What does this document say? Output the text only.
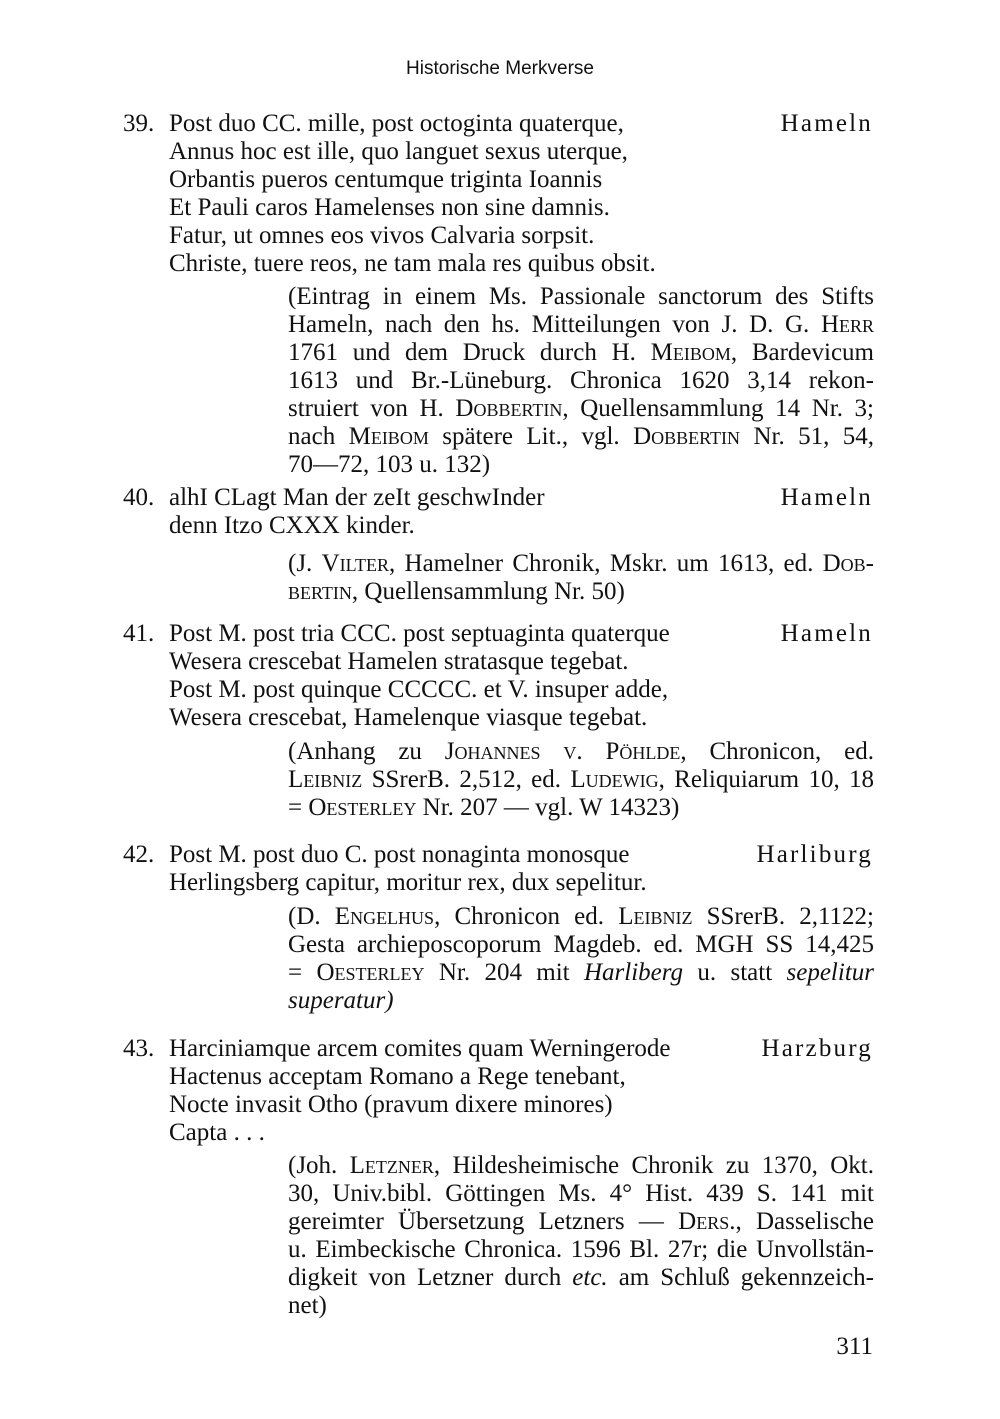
Historische Merkverse
39.	Hameln
Post duo CC. mille, post octoginta quaterque,
Annus hoc est ille, quo languet sexus uterque,
Orbantis pueros centumque triginta Ioannis
Et Pauli caros Hamelenses non sine damnis.
Fatur, ut omnes eos vivos Calvaria sorpsit.
Christe, tuere reos, ne tam mala res quibus obsit.
(Eintrag in einem Ms. Passionale sanctorum des Stifts
Hameln, nach den hs. Mitteilungen von J. D. G. Herr
1761 und dem Druck durch H. Meibom, Bardevicum
1613 und Br.-Lüneburg. Chronica 1620 3,14 rekon-
struiert von H. Dobbertin, Quellensammlung 14 Nr. 3;
nach Meibom spätere Lit., vgl. Dobbertin Nr. 51, 54,
70—72, 103 u. 132)
40.	Hameln
alhI CLagt Man der zeIt geschwInder
denn Itzo CXXX kinder.
(J. Vilter, Hamelner Chronik, Mskr. um 1613, ed. Dob-
bertin, Quellensammlung Nr. 50)
41.	Hameln
Post M. post tria CCC. post septuaginta quaterque
Wesera crescebat Hamelen stratasque tegebat.
Post M. post quinque CCCCC. et V. insuper adde,
Wesera crescebat, Hamelenque viasque tegebat.
(Anhang zu Johannes v. Pöhlde, Chronicon, ed.
Leibniz SSrerB. 2,512, ed. Ludewig, Reliquiarum 10, 18
= Oesterley Nr. 207 — vgl. W 14323)
42.	Harliburg
Post M. post duo C. post nonaginta monosque
Herlingsberg capitur, moritur rex, dux sepelitur.
(D. Engelhus, Chronicon ed. Leibniz SSrerB. 2,1122;
Gesta archieposcoporum Magdeb. ed. MGH SS 14,425
= Oesterley Nr. 204 mit Harliberg u. statt sepelitur
superatur)
43.	Harzburg
Harciniamque arcem comites quam Werningerode
Hactenus acceptam Romano a Rege tenebant,
Nocte invasit Otho (pravum dixere minores)
Capta . . .
(Joh. Letzner, Hildesheimische Chronik zu 1370, Okt.
30, Univ.bibl. Göttingen Ms. 4° Hist. 439 S. 141 mit
gereimter Übersetzung Letzners — Ders., Dasselische
u. Eimbeckische Chronica. 1596 Bl. 27r; die Unvollstän-
digkeit von Letzner durch etc. am Schluß gekennzeich-
net)
311
